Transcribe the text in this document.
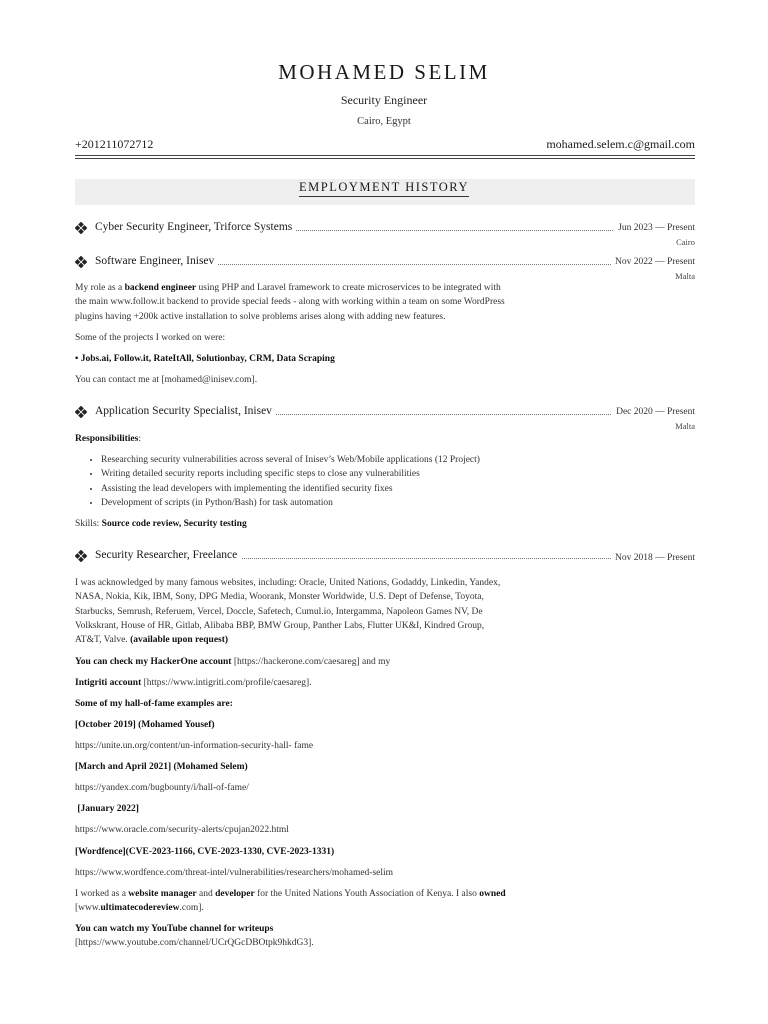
MOHAMED SELIM
Security Engineer
Cairo, Egypt
+201211072712	mohamed.selem.c@gmail.com
EMPLOYMENT HISTORY
Cyber Security Engineer, Triforce Systems	Jun 2023 — Present
Cairo
Software Engineer, Inisev	Nov 2022 — Present
Malta
My role as a backend engineer using PHP and Laravel framework to create microservices to be integrated with
the main www.follow.it backend to provide special feeds - along with working within a team on some WordPress
plugins having +200k active installation to solve problems arises along with adding new features.
Some of the projects I worked on were:
• Jobs.ai, Follow.it, RateItAll, Solutionbay, CRM, Data Scraping
You can contact me at [mohamed@inisev.com].
Application Security Specialist, Inisev	Dec 2020 — Present
Malta
Responsibilities:
• Researching security vulnerabilities across several of Inisev’s Web/Mobile applications (12 Project)
• Writing detailed security reports including specific steps to close any vulnerabilities
• Assisting the lead developers with implementing the identified security fixes
• Development of scripts (in Python/Bash) for task automation
Skills: Source code review, Security testing
Security Researcher, Freelance	Nov 2018 — Present
I was acknowledged by many famous websites, including: Oracle, United Nations, Godaddy, Linkedin, Yandex,
NASA, Nokia, Kik, IBM, Sony, DPG Media, Woorank, Monster Worldwide, U.S. Dept of Defense, Toyota,
Starbucks, Semrush, Referuem, Vercel, Doccle, Safetech, Cumul.io, Intergamma, Napoleon Games NV, De
Volkskrant, House of HR, Gitlab, Alibaba BBP, BMW Group, Panther Labs, Flutter UK&I, Kindred Group,
AT&T, Valve. (available upon request)
You can check my HackerOne account [https://hackerone.com/caesareg] and my
Intigriti account [https://www.intigriti.com/profile/caesareg].
Some of my hall-of-fame examples are:
[October 2019] (Mohamed Yousef)
https://unite.un.org/content/un-information-security-hall- fame
[March and April 2021] (Mohamed Selem)
https://yandex.com/bugbounty/i/hall-of-fame/
[January 2022]
https://www.oracle.com/security-alerts/cpujan2022.html
[Wordfence](CVE-2023-1166, CVE-2023-1330, CVE-2023-1331)
https://www.wordfence.com/threat-intel/vulnerabilities/researchers/mohamed-selim
I worked as a website manager and developer for the United Nations Youth Association of Kenya. I also owned
[www.ultimatecodereview.com].
You can watch my YouTube channel for writeups
[https://www.youtube.com/channel/UCrQGcDBOtpk9hkdG3].
